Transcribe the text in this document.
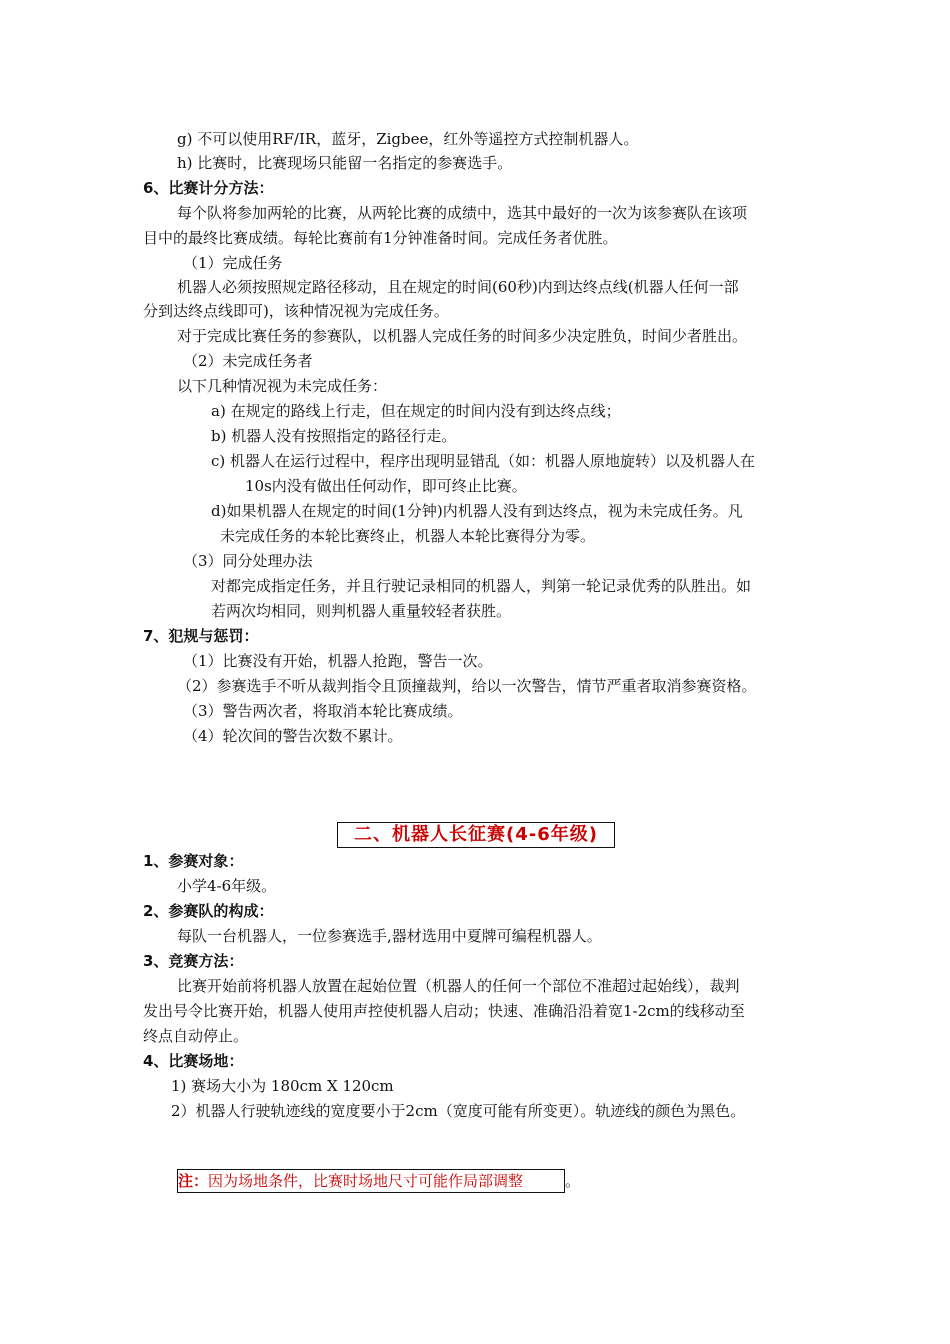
g) 不可以使用RF/IR，蓝牙，Zigbee，红外等遥控方式控制机器人。
h) 比赛时，比赛现场只能留一名指定的参赛选手。
6、比赛计分方法：
每个队将参加两轮的比赛，从两轮比赛的成绩中，选其中最好的一次为该参赛队在该项
目中的最终比赛成绩。每轮比赛前有1分钟准备时间。完成任务者优胜。
（1）完成任务
机器人必须按照规定路径移动，且在规定的时间(60秒)内到达终点线(机器人任何一部
分到达终点线即可)，该种情况视为完成任务。
对于完成比赛任务的参赛队，以机器人完成任务的时间多少决定胜负，时间少者胜出。
（2）未完成任务者
以下几种情况视为未完成任务：
a) 在规定的路线上行走，但在规定的时间内没有到达终点线；
b) 机器人没有按照指定的路径行走。
c) 机器人在运行过程中，程序出现明显错乱（如：机器人原地旋转）以及机器人在
10s内没有做出任何动作，即可终止比赛。
d)如果机器人在规定的时间(1分钟)内机器人没有到达终点，视为未完成任务。凡
未完成任务的本轮比赛终止，机器人本轮比赛得分为零。
（3）同分处理办法
对都完成指定任务，并且行驶记录相同的机器人，判第一轮记录优秀的队胜出。如
若两次均相同，则判机器人重量较轻者获胜。
7、犯规与惩罚：
（1）比赛没有开始，机器人抢跑，警告一次。
（2）参赛选手不听从裁判指令且顶撞裁判，给以一次警告，情节严重者取消参赛资格。
（3）警告两次者，将取消本轮比赛成绩。
（4）轮次间的警告次数不累计。
二、机器人长征赛(4-6年级)
1、参赛对象：
小学4-6年级。
2、参赛队的构成：
每队一台机器人，一位参赛选手,器材选用中夏牌可编程机器人。
3、竞赛方法：
比赛开始前将机器人放置在起始位置（机器人的任何一个部位不准超过起始线），裁判
发出号令比赛开始，机器人使用声控使机器人启动；快速、准确沿沿着宽1-2cm的线移动至
终点自动停止。
4、比赛场地：
1) 赛场大小为 180cm X 120cm
2）机器人行驶轨迹线的宽度要小于2cm（宽度可能有所变更）。轨迹线的颜色为黑色。
注：因为场地条件，比赛时场地尺寸可能作局部调整	。
